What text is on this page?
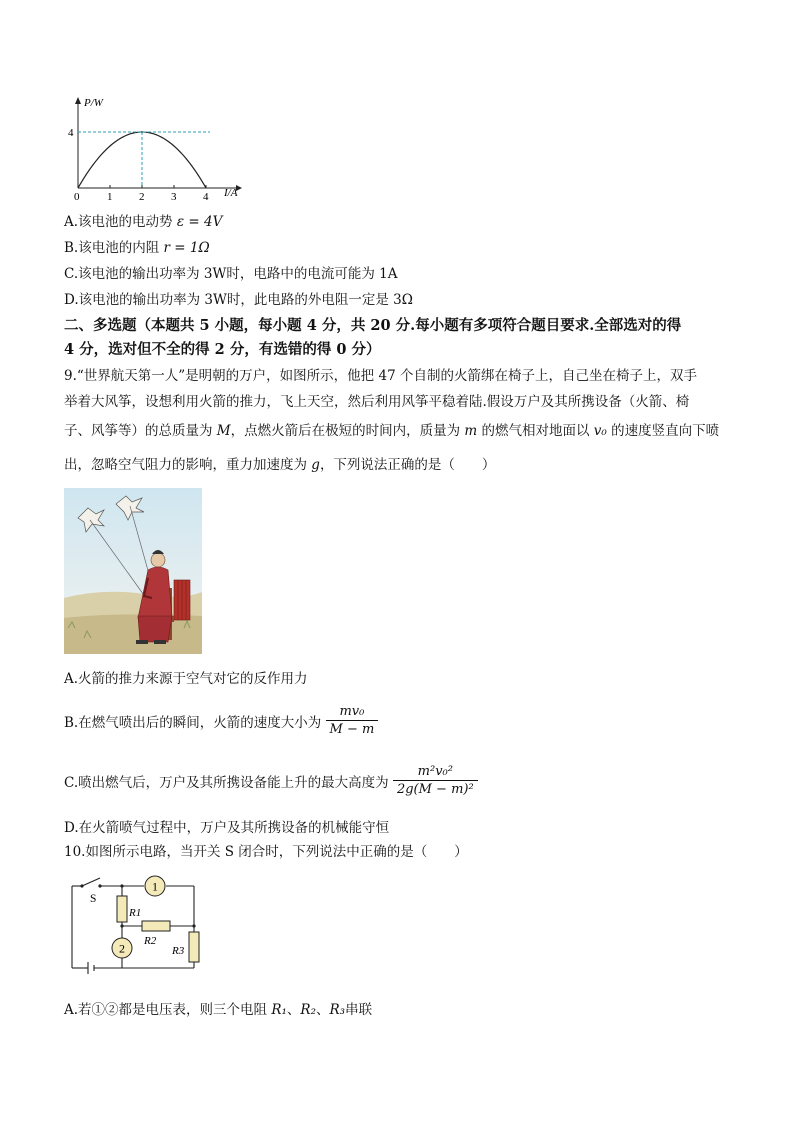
0	1 2 3 4
4
P/W
I/A
A.该电池的电动势 ε = 4V
B.该电池的内阻 r = 1Ω
C.该电池的输出功率为 3W时，电路中的电流可能为 1A
D.该电池的输出功率为 3W时，此电路的外电阻一定是 3Ω
二、多选题（本题共 5 小题，每小题 4 分，共 20 分.每小题有多项符合题目要求.全部选对的得
4 分，选对但不全的得 2 分，有选错的得 0 分）
9.“世界航天第一人”是明朝的万户，如图所示，他把 47 个自制的火箭绑在椅子上，自己坐在椅子上，双手
举着大风筝，设想利用火箭的推力，飞上天空，然后利用风筝平稳着陆.假设万户及其所携设备（火箭、椅
子、风筝等）的总质量为 M，点燃火箭后在极短的时间内，质量为 m 的燃气相对地面以 v₀ 的速度竖直向下喷
出，忽略空气阻力的影响，重力加速度为 g，下列说法正确的是（　　）
A.火箭的推力来源于空气对它的反作用力
B.在燃气喷出后的瞬间，火箭的速度大小为 $\frac{\text{mv₀}}{M - m}$
C.喷出燃气后，万户及其所携设备能上升的最大高度为 $\frac{\text{m²v₀²}}{\text{2g(M − m)²}}$
D.在火箭喷气过程中，万户及其所携设备的机械能守恒
10.如图所示电路，当开关 S 闭合时，下列说法中正确的是（　　）
1
2
S
R1
R2
R3
A.若①②都是电压表，则三个电阻 R₁、R₂、R₃串联
